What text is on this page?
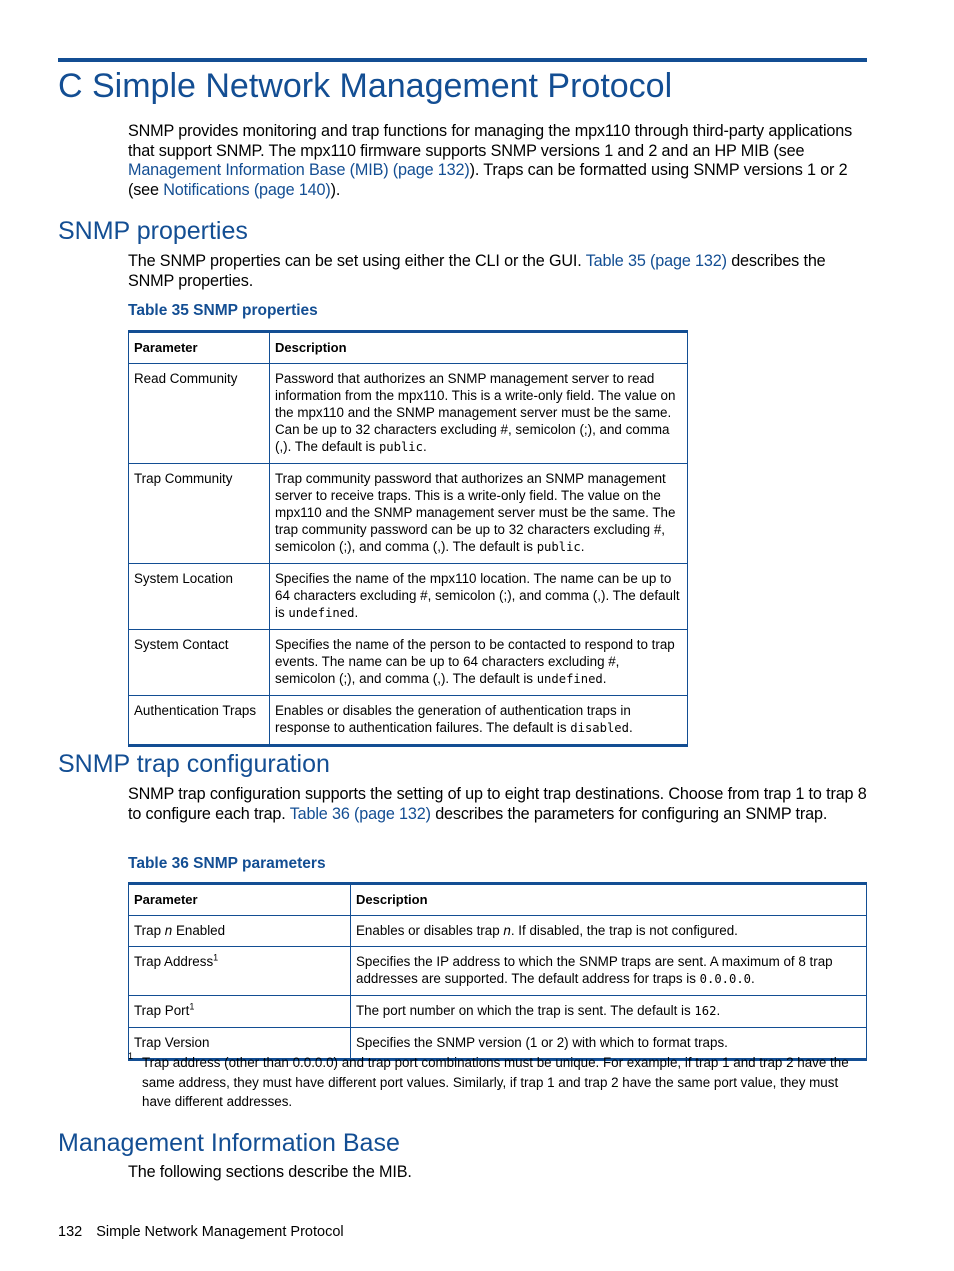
C Simple Network Management Protocol

SNMP provides monitoring and trap functions for managing the mpx110 through third-party applications that support SNMP. The mpx110 firmware supports SNMP versions 1 and 2 and an HP MIB (see Management Information Base (MIB) (page 132)). Traps can be formatted using SNMP versions 1 or 2 (see Notifications (page 140)).

SNMP properties

The SNMP properties can be set using either the CLI or the GUI. Table 35 (page 132) describes the SNMP properties.

Table 35 SNMP properties

Parameter	Description
Read Community	Password that authorizes an SNMP management server to read information from the mpx110. This is a write-only field. The value on the mpx110 and the SNMP management server must be the same. Can be up to 32 characters excluding #, semicolon (;), and comma (,). The default is public.
Trap Community	Trap community password that authorizes an SNMP management server to receive traps. This is a write-only field. The value on the mpx110 and the SNMP management server must be the same. The trap community password can be up to 32 characters excluding #, semicolon (;), and comma (,). The default is public.
System Location	Specifies the name of the mpx110 location. The name can be up to 64 characters excluding #, semicolon (;), and comma (,). The default is undefined.
System Contact	Specifies the name of the person to be contacted to respond to trap events. The name can be up to 64 characters excluding #, semicolon (;), and comma (,). The default is undefined.
Authentication Traps	Enables or disables the generation of authentication traps in response to authentication failures. The default is disabled.
SNMP trap configuration

SNMP trap configuration supports the setting of up to eight trap destinations. Choose from trap 1 to trap 8 to configure each trap. Table 36 (page 132) describes the parameters for configuring an SNMP trap.

Table 36 SNMP parameters

Parameter	Description
Trap n Enabled	Enables or disables trap n. If disabled, the trap is not configured.
Trap Address$^1$	Specifies the IP address to which the SNMP traps are sent. A maximum of 8 trap addresses are supported. The default address for traps is 0.0.0.0.
Trap Port$^1$	The port number on which the trap is sent. The default is 162.
Trap Version	Specifies the SNMP version (1 or 2) with which to format traps.
1 Trap address (other than 0.0.0.0) and trap port combinations must be unique. For example, if trap 1 and trap 2 have the same address, they must have different port values. Similarly, if trap 1 and trap 2 have the same port value, they must have different addresses.
Management Information Base

The following sections describe the MIB.

132 Simple Network Management Protocol
